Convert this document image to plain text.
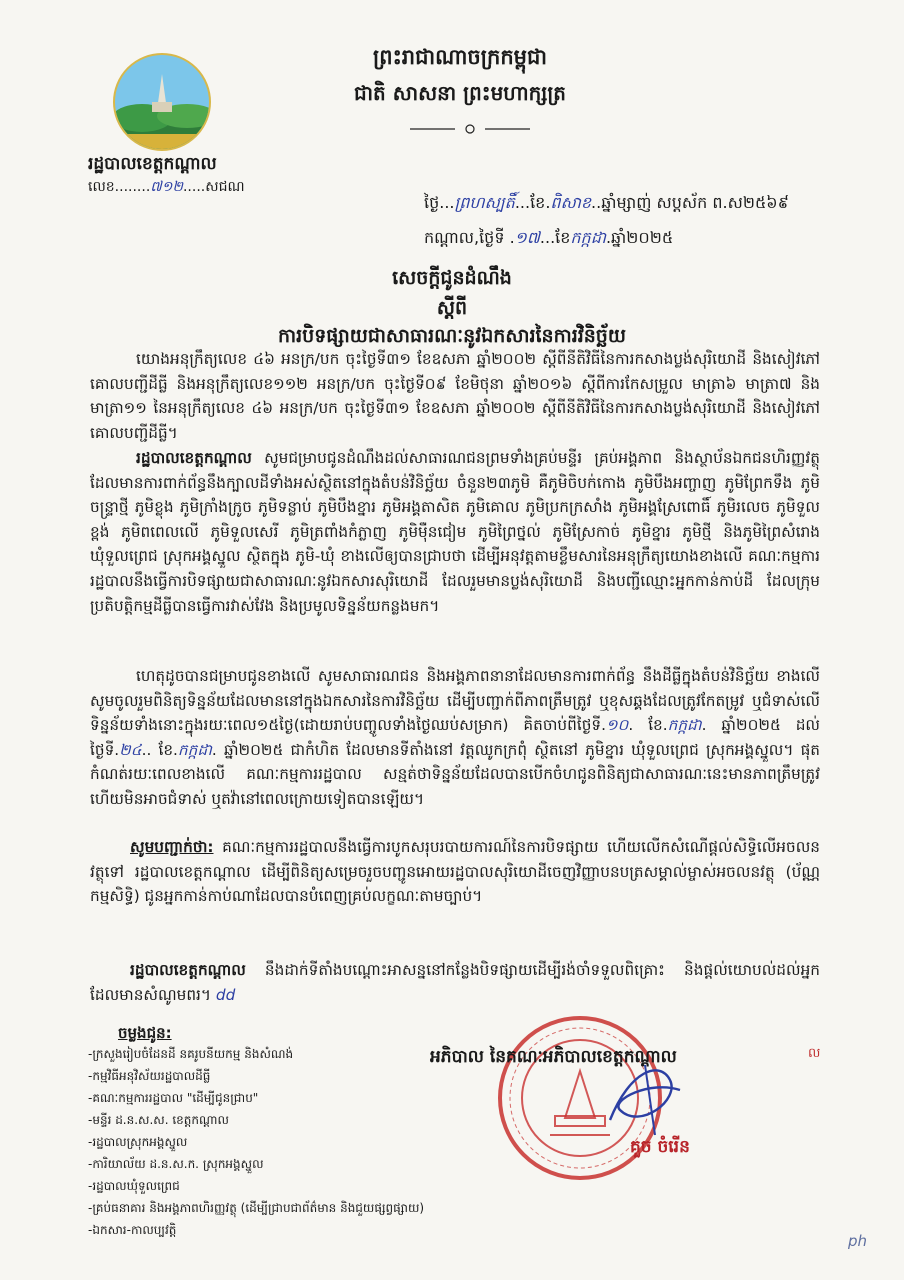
រដ្ឋបាលខេត្តកណ្ដាល
លេខ........៧១២.....សជណ
ព្រះរាជាណាចក្រកម្ពុជា
ជាតិ សាសនា ព្រះមហាក្សត្រ
ថ្ងៃ...ព្រហស្បតិ៍...ខែ.ពិសាខ..ឆ្នាំម្សាញ់ សប្តស័ក ព.ស២៥៦៩
កណ្ដាល,ថ្ងៃទី .១៧...ខែកក្កដា.ឆ្នាំ២០២៥
សេចក្ដីជូនដំណឹង
ស្ដីពី
ការបិទផ្សាយជាសាធារណៈនូវឯកសារនៃការវិនិច្ឆ័យ
យោងអនុក្រឹត្យលេខ ៤៦ អនក្រ/បក ចុះថ្ងៃទី៣១ ខែឧសភា ឆ្នាំ២០០២ ស្ដីពីនីតិវិធីនៃការកសាងប្លង់សុរិយោដី និងសៀវភៅគោលបញ្ជីដីធ្លី និងអនុក្រឹត្យលេខ១១២ អនក្រ/បក ចុះថ្ងៃទី០៩ ខែមិថុនា ឆ្នាំ២០១៦ ស្ដីពីការកែសម្រួល មាត្រា៦ មាត្រា៧ និងមាត្រា១១ នៃអនុក្រឹត្យលេខ ៤៦ អនក្រ/បក ចុះថ្ងៃទី៣១ ខែឧសភា ឆ្នាំ២០០២ ស្ដីពីនីតិវិធីនៃការកសាងប្លង់សុរិយោដី និងសៀវភៅគោលបញ្ជីដីធ្លី។
រដ្ឋបាលខេត្តកណ្ដាល សូមជម្រាបជូនដំណឹងដល់សាធារណជនព្រមទាំងគ្រប់មន្ទីរ គ្រប់អង្គភាព និងស្ថាប័នឯកជនហិរញ្ញវត្ថុ ដែលមានការពាក់ព័ន្ធនឹងក្បាលដីទាំងអស់ស្ថិតនៅក្នុងតំបន់វិនិច្ឆ័យ ចំនួន២៣ភូមិ គឺភូមិចិបក់កោង ភូមិបឹងអញ្ចាញ ភូមិព្រែកទឹង ភូមិចន្រ្ទាថ្មី ភូមិខ្លុង ភូមិក្រាំងក្រូច ភូមិទន្លាប់ ភូមិបឹងខ្នារ ភូមិអង្គតាសិត ភូមិគោល ភូមិប្រកក្រសាំង ភូមិអង្គស្រែពោធិ៍ ភូមិរលេច ភូមិទួលខ្ពង់ ភូមិពពេលលើ ភូមិទួលសេរី ភូមិត្រពាំងកំភ្លាញ ភូមិម៉ឺនជៀម ភូមិព្រៃថ្នល់ ភូមិស្រែកាច់ ភូមិខ្នារ ភូមិថ្មី និងភូមិព្រៃសំរោង ឃុំទួលព្រេជ ស្រុកអង្គស្នួល ស្ថិតក្នុង ភូមិ-ឃុំ ខាងលើឲ្យបានជ្រាបថា ដើម្បីអនុវត្តតាមខ្លឹមសារនៃអនុក្រឹត្យយោងខាងលើ គណៈកម្មការរដ្ឋបាលនឹងធ្វើការបិទផ្សាយជាសាធារណៈនូវឯកសារសុរិយោដី ដែលរួមមានប្លង់សុរិយោដី និងបញ្ជីឈ្មោះអ្នកកាន់កាប់ដី ដែលក្រុមប្រតិបត្តិកម្មដីធ្លីបានធ្វើការវាស់វែង និងប្រមូលទិន្នន័យកន្លងមក។
ហេតុដូចបានជម្រាបជូនខាងលើ សូមសាធារណជន និងអង្គភាពនានាដែលមានការពាក់ព័ន្ធ នឹងដីធ្លីក្នុងតំបន់វិនិច្ឆ័យ ខាងលើសូមចូលរួមពិនិត្យទិន្នន័យដែលមាននៅក្នុងឯកសារនៃការវិនិច្ឆ័យ ដើម្បីបញ្ជាក់ពីភាពត្រឹមត្រូវ ឬខុសឆ្គងដែលត្រូវកែតម្រូវ ឬជំទាស់លើទិន្នន័យទាំងនោះក្នុងរយៈពេល១៥ថ្ងៃ(ដោយរាប់បញ្ចូលទាំងថ្ងៃឈប់សម្រាក) គិតចាប់ពីថ្ងៃទី.១០. ខែ.កក្កដា. ឆ្នាំ២០២៥ ដល់ថ្ងៃទី.២៤.. ខែ.កក្កដា. ឆ្នាំ២០២៥ ជាកំហិត ដែលមានទីតាំងនៅ វត្តឈូកក្រពុំ ស្ថិតនៅ ភូមិខ្នារ ឃុំទួលព្រេជ ស្រុកអង្គស្នួល។ ផុតកំណត់រយៈពេលខាងលើ គណៈកម្មការរដ្ឋបាល សន្មត់ថាទិន្នន័យដែលបានបើកចំហជូនពិនិត្យជាសាធារណៈនេះមានភាពត្រឹមត្រូវហើយមិនអាចជំទាស់ ឬតវ៉ានៅពេលក្រោយទៀតបានឡើយ។
សូមបញ្ជាក់ថា: គណៈកម្មការរដ្ឋបាលនឹងធ្វើការបូកសរុបរបាយការណ៍នៃការបិទផ្សាយ ហើយលើកសំណើផ្ដល់សិទ្ធិលើអចលនវត្ថុទៅ រដ្ឋបាលខេត្តកណ្ដាល ដើម្បីពិនិត្យសម្រេចរួចបញ្ជូនអោយរដ្ឋបាលសុរិយោដីចេញវិញ្ញាបនបត្រសម្គាល់ម្ចាស់អចលនវត្ថុ (ប័ណ្ណកម្មសិទ្ធិ) ជូនអ្នកកាន់កាប់ណាដែលបានបំពេញគ្រប់លក្ខណៈតាមច្បាប់។
រដ្ឋបាលខេត្តកណ្ដាល នឹងដាក់ទីតាំងបណ្ដោះអាសន្ននៅកន្លែងបិទផ្សាយដើម្បីរង់ចាំទទួលពិគ្រោះ និងផ្ដល់យោបល់ដល់អ្នកដែលមានសំណូមពរ។ dd
ចម្លងជូន:
-ក្រសួងរៀបចំដែនដី នគរូបនីយកម្ម និងសំណង់
-កម្មវិធីអនុវិស័យរដ្ឋបាលដីធ្លី
-គណៈកម្មការរដ្ឋបាល "ដើម្បីជូនជ្រាប"
-មន្ទីរ ដ.ន.ស.ស. ខេត្តកណ្ដាល
-រដ្ឋបាលស្រុកអង្គស្នួល
-ការិយាល័យ ដ.ន.ស.ក. ស្រុកអង្គស្នួល
-រដ្ឋបាលឃុំទួលព្រេជ
-គ្រប់ធនាគារ និងអង្គភាពហិរញ្ញវត្ថុ (ដើម្បីជ្រាបជាព័ត៌មាន និងជួយផ្សព្វផ្សាយ)
-ឯកសារ-កាលប្បវត្តិ
អភិបាល នៃគណៈអភិបាលខេត្តកណ្ដាល	ល
គួច ចំរើន
ph
